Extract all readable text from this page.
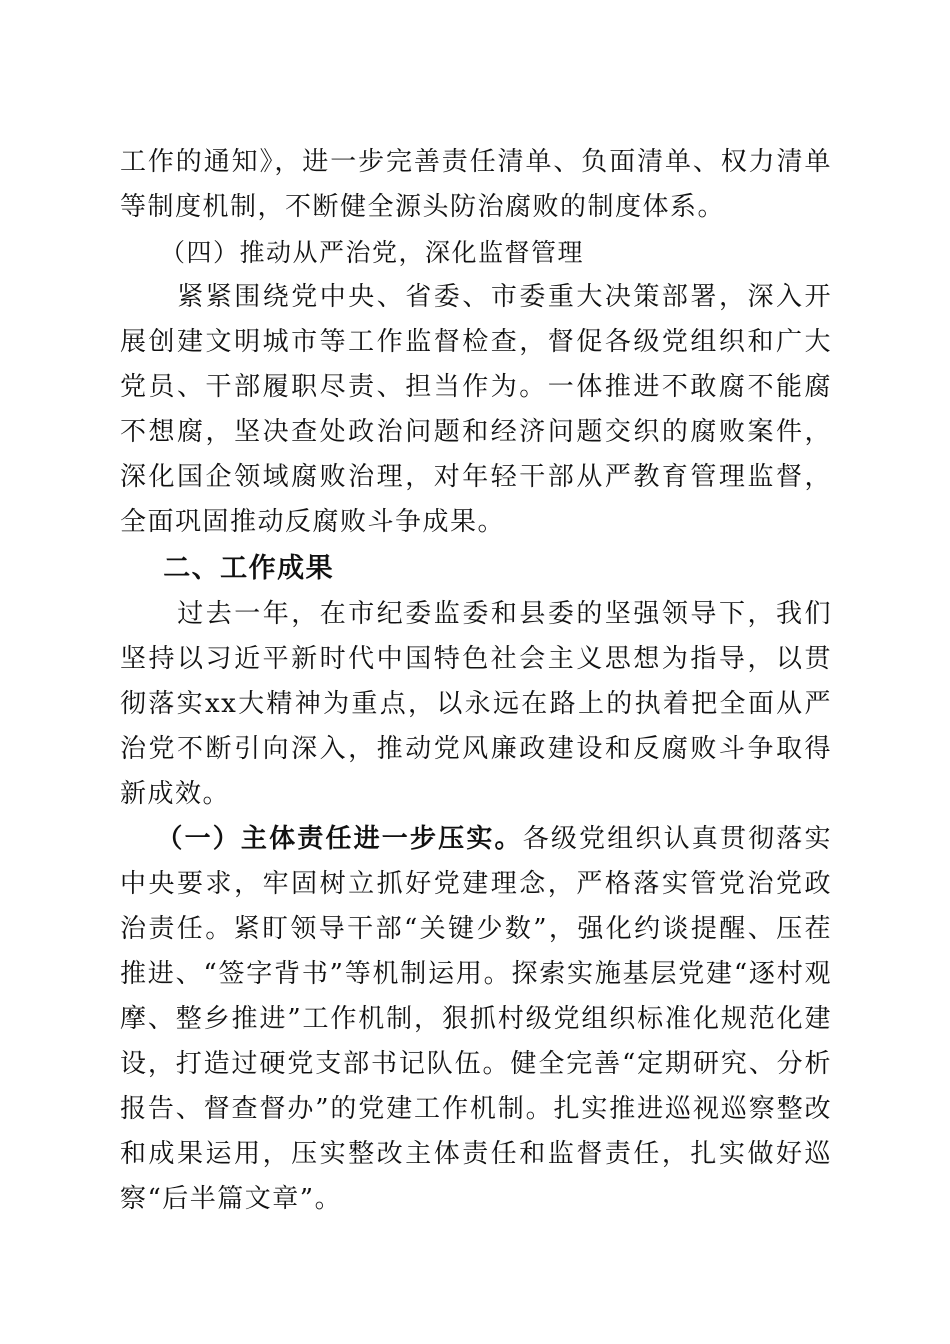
工作的通知》，进一步完善责任清单、负面清单、权力清单等制度机制，不断健全源头防治腐败的制度体系。

（四）推动从严治党，深化监督管理

紧紧围绕党中央、省委、市委重大决策部署，深入开展创建文明城市等工作监督检查，督促各级党组织和广大党员、干部履职尽责、担当作为。一体推进不敢腐不能腐不想腐，坚决查处政治问题和经济问题交织的腐败案件，深化国企领域腐败治理，对年轻干部从严教育管理监督，全面巩固推动反腐败斗争成果。

二、工作成果

过去一年，在市纪委监委和县委的坚强领导下，我们坚持以习近平新时代中国特色社会主义思想为指导，以贯彻落实xx大精神为重点，以永远在路上的执着把全面从严治党不断引向深入，推动党风廉政建设和反腐败斗争取得新成效。

（一）主体责任进一步压实。各级党组织认真贯彻落实中央要求，牢固树立抓好党建理念，严格落实管党治党政治责任。紧盯领导干部“关键少数”，强化约谈提醒、压茬推进、“签字背书”等机制运用。探索实施基层党建“逐村观摩、整乡推进”工作机制，狠抓村级党组织标准化规范化建设，打造过硬党支部书记队伍。健全完善“定期研究、分析报告、督查督办”的党建工作机制。扎实推进巡视巡察整改和成果运用，压实整改主体责任和监督责任，扎实做好巡察“后半篇文章”。
